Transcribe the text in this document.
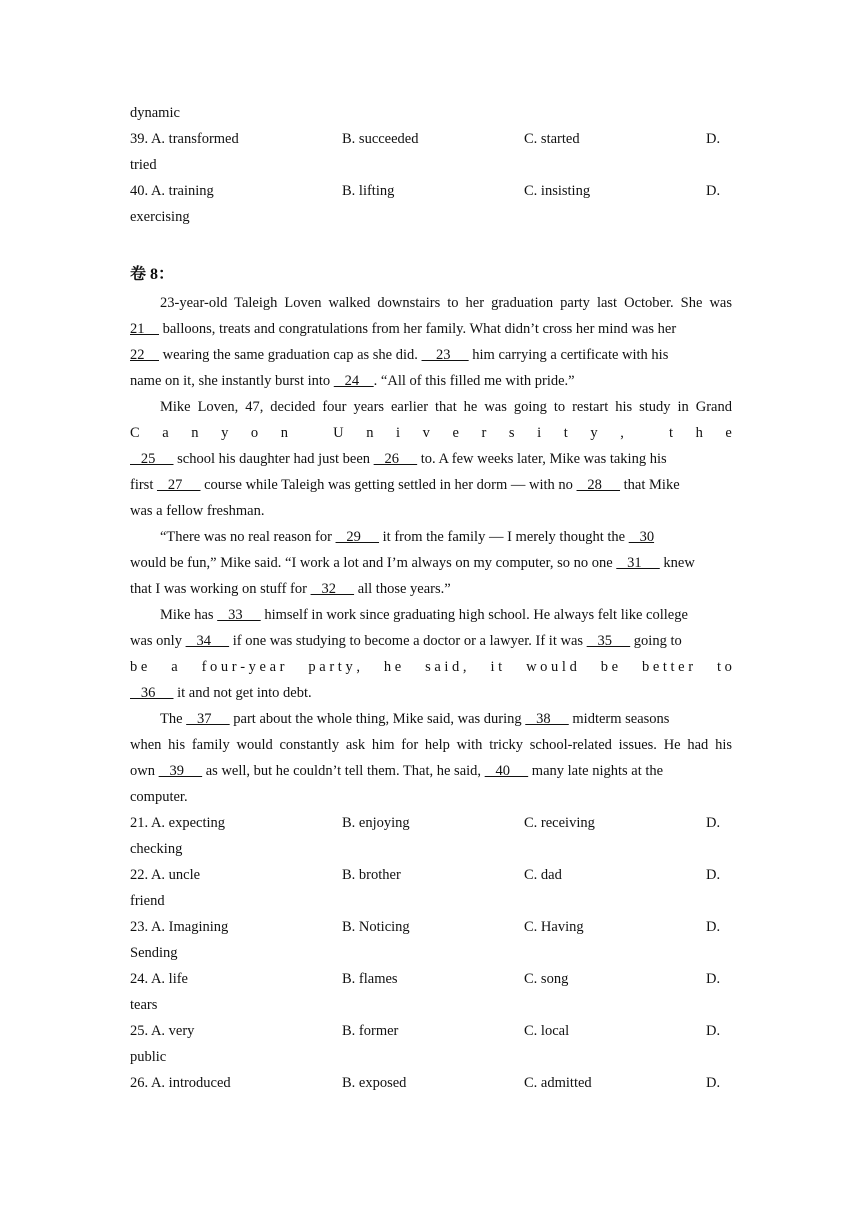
dynamic
39. A. transformed	B. succeeded	C. started	D.
tried
40. A. training	B. lifting	C. insisting	D.
exercising
卷 8：
23-year-old Taleigh Loven walked downstairs to her graduation party last October. She was
21     balloons, treats and congratulations from her family. What didn’t cross her mind was her
22     wearing the same graduation cap as she did.     23      him carrying a certificate with his
name on it, she instantly burst into    24    . “All of this filled me with pride.”
Mike Loven, 47, decided four years earlier that he was going to restart his study in Grand
C a n y o n	U n i v e r s i t y ,	t h e
25      school his daughter had just been    26      to. A few weeks later, Mike was taking his
first    27      course while Taleigh was getting settled in her dorm — with no    28      that Mike
was a fellow freshman.
“There was no real reason for    29      it from the family — I merely thought the    30
would be fun,” Mike said. “I work a lot and I’m always on my computer, so no one    31      knew
that I was working on stuff for    32      all those years.”
Mike has    33      himself in work since graduating high school. He always felt like college
was only    34      if one was studying to become a doctor or a lawyer. If it was    35      going to
b e a f o u r - y e a r p a r t y , h e s a i d , i t w o u l d b e b e t t e r t o
36      it and not get into debt.
The    37      part about the whole thing, Mike said, was during    38      midterm seasons
when his family would constantly ask him for help with tricky school-related issues. He had his
own    39      as well, but he couldn’t tell them. That, he said,    40      many late nights at the
computer.
21. A. expecting	B. enjoying	C. receiving	D.
checking
22. A. uncle	B. brother	C. dad	D.
friend
23. A. Imagining	B. Noticing	C. Having	D.
Sending
24. A. life	B. flames	C. song	D.
tears
25. A. very	B. former	C. local	D.
public
26. A. introduced	B. exposed	C. admitted	D.
